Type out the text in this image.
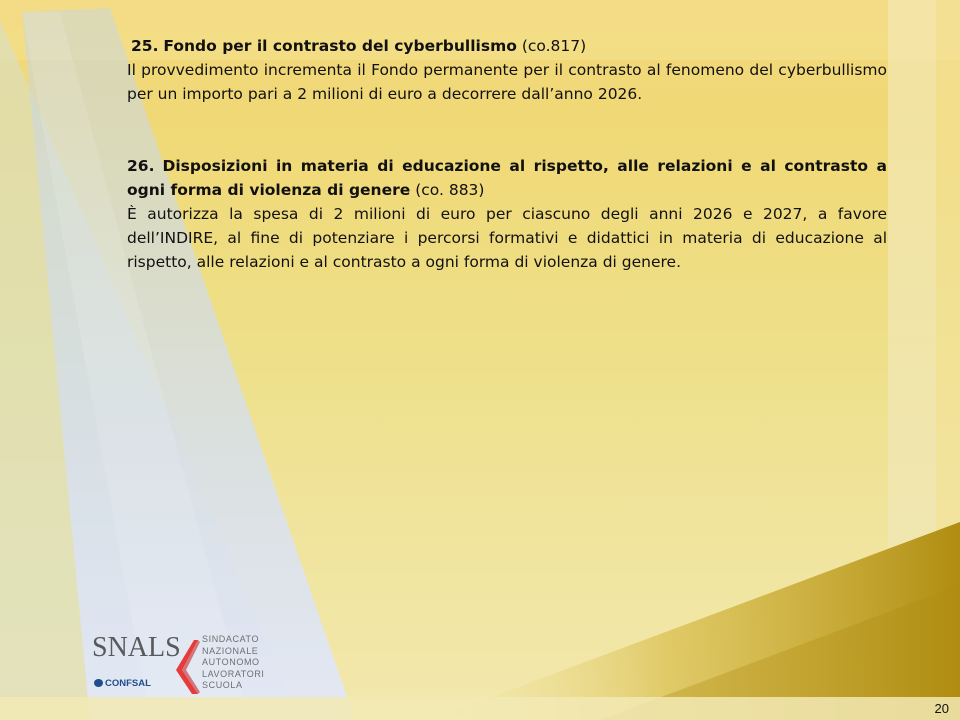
25. Fondo per il contrasto del cyberbullismo (co.817)

Il provvedimento incrementa il Fondo permanente per il contrasto al fenomeno del cyberbullismo per un importo pari a 2 milioni di euro a decorrere dall’anno 2026.

26. Disposizioni in materia di educazione al rispetto, alle relazioni e al contrasto a ogni forma di violenza di genere (co. 883)

È autorizza la spesa di 2 milioni di euro per ciascuno degli anni 2026 e 2027, a favore dell’INDIRE, al fine di potenziare i percorsi formativi e didattici in materia di educazione al rispetto, alle relazioni e al contrasto a ogni forma di violenza di genere.

SNALS
CONFSAL
SINDACATO
NAZIONALE
AUTONOMO
LAVORATORI
SCUOLA
20
